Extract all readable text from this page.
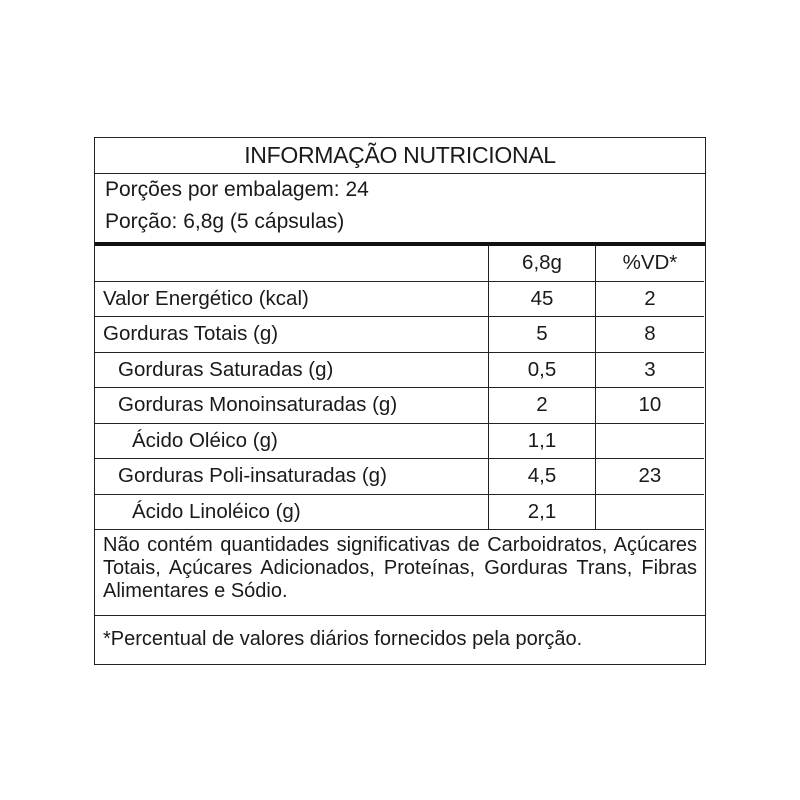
INFORMAÇÃO NUTRICIONAL
Porções por embalagem: 24
Porção: 6,8g (5 cápsulas)
	6,8g	%VD*
Valor Energético (kcal)	45	2
Gorduras Totais (g)	5	8
Gorduras Saturadas (g)	0,5	3
Gorduras Monoinsaturadas (g)	2	10
Ácido Oléico (g)	1,1	
Gorduras Poli-insaturadas (g)	4,5	23
Ácido Linoléico (g)	2,1	
Não contém quantidades significativas de Carboidratos, Açúcares Totais, Açúcares Adicionados, Proteínas, Gorduras Trans, Fibras Alimentares e Sódio.
*Percentual de valores diários fornecidos pela porção.
